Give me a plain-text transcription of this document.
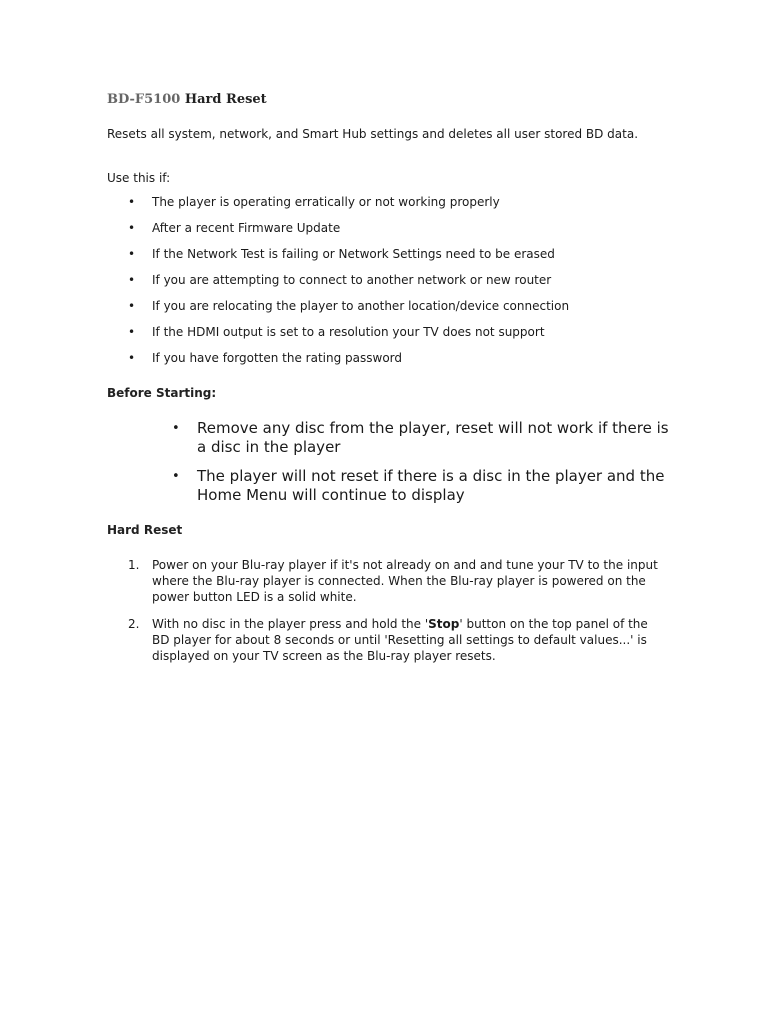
BD-F5100 Hard Reset

Resets all system, network, and Smart Hub settings and deletes all user stored BD data.

Use this if:

• The player is operating erratically or not working properly
• After a recent Firmware Update
• If the Network Test is failing or Network Settings need to be erased
• If you are attempting to connect to another network or new router
• If you are relocating the player to another location/device connection
• If the HDMI output is set to a resolution your TV does not support
• If you have forgotten the rating password
Before Starting:
• Remove any disc from the player, reset will not work if there is a disc in the player
• The player will not reset if there is a disc in the player and the Home Menu will continue to display
Hard Reset
1. Power on your Blu-ray player if it's not already on and and tune your TV to the input where the Blu-ray player is connected. When the Blu-ray player is powered on the power button LED is a solid white.
2. With no disc in the player press and hold the 'Stop' button on the top panel of the BD player for about 8 seconds or until 'Resetting all settings to default values...' is displayed on your TV screen as the Blu-ray player resets.
